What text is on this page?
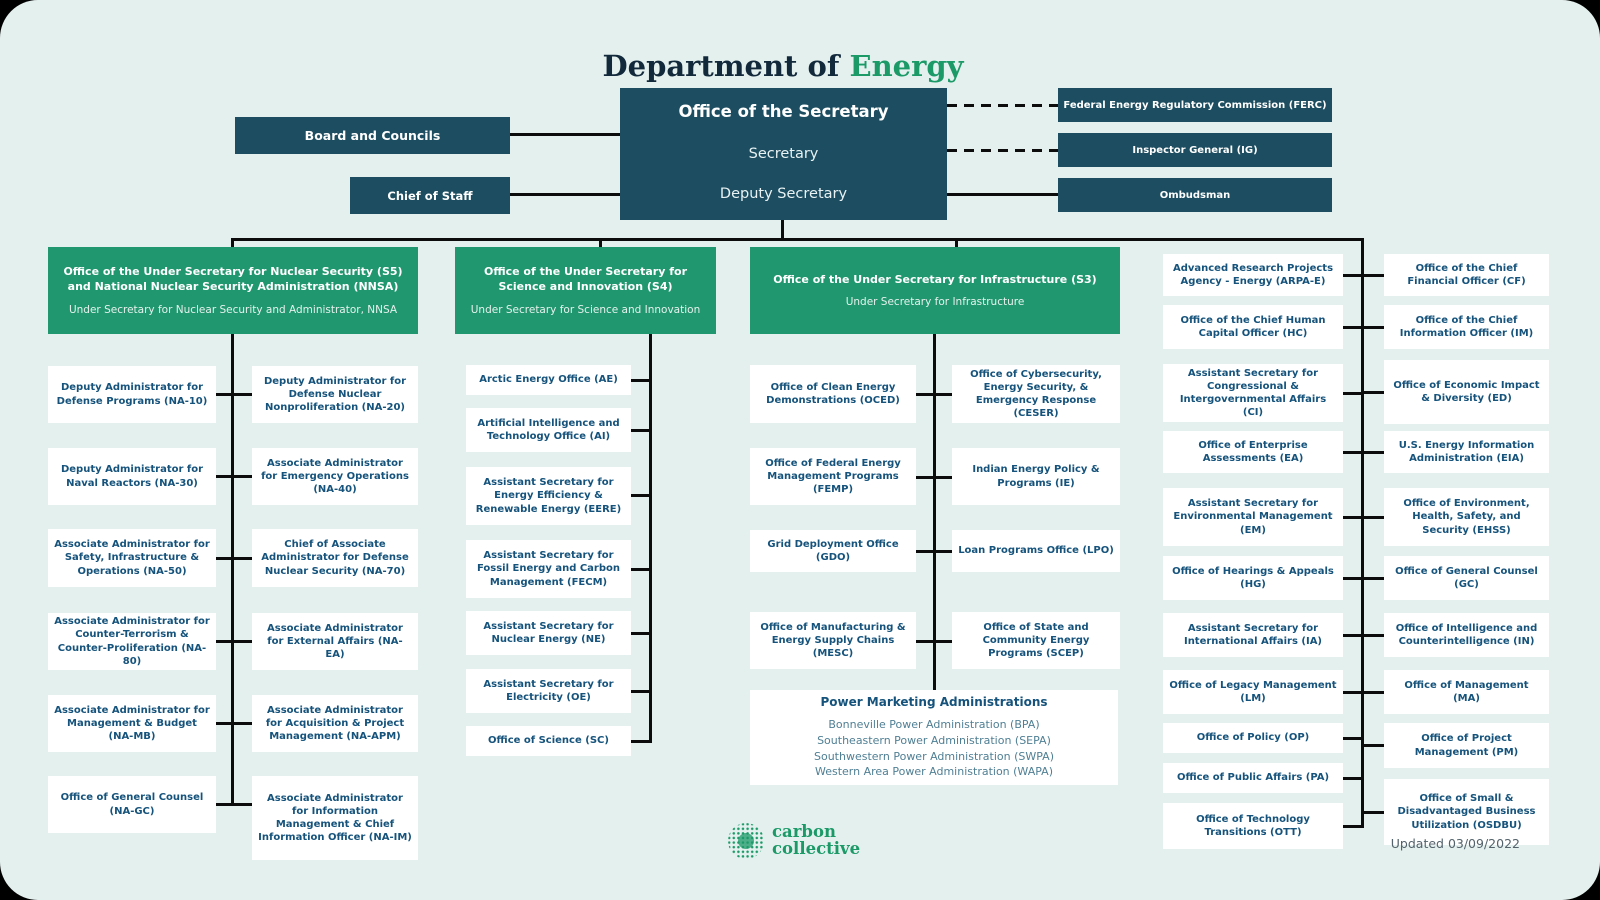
Department of Energy
Office of the Secretary
Secretary
Deputy Secretary
Board and Councils
Chief of Staff
Federal Energy Regulatory Commission (FERC)
Inspector General (IG)
Ombudsman
Office of the Under Secretary for Nuclear Security (S5) and National Nuclear Security Administration (NNSA)
Under Secretary for Nuclear Security and Administrator, NNSA
Office of the Under Secretary for Science and Innovation (S4)
Under Secretary for Science and Innovation
Office of the Under Secretary for Infrastructure (S3)
Under Secretary for Infrastructure
Deputy Administrator for Defense Programs (NA-10)
Deputy Administrator for Naval Reactors (NA-30)
Associate Administrator for Safety, Infrastructure & Operations (NA-50)
Associate Administrator for Counter-Terrorism & Counter-Proliferation (NA-80)
Associate Administrator for Management & Budget (NA-MB)
Office of General Counsel (NA-GC)
Deputy Administrator for Defense Nuclear Nonproliferation (NA-20)
Associate Administrator for Emergency Operations (NA-40)
Chief of Associate Administrator for Defense Nuclear Security (NA-70)
Associate Administrator for External Affairs (NA-EA)
Associate Administrator for Acquisition & Project Management (NA-APM)
Associate Administrator for Information Management & Chief Information Officer (NA-IM)
Arctic Energy Office (AE)
Artificial Intelligence and Technology Office (AI)
Assistant Secretary for Energy Efficiency & Renewable Energy (EERE)
Assistant Secretary for Fossil Energy and Carbon Management (FECM)
Assistant Secretary for Nuclear Energy (NE)
Assistant Secretary for Electricity (OE)
Office of Science (SC)
Office of Clean Energy Demonstrations (OCED)
Office of Federal Energy Management Programs (FEMP)
Grid Deployment Office (GDO)
Office of Manufacturing & Energy Supply Chains (MESC)
Office of Cybersecurity, Energy Security, & Emergency Response (CESER)
Indian Energy Policy & Programs (IE)
Loan Programs Office (LPO)
Office of State and Community Energy Programs (SCEP)
Advanced Research Projects Agency - Energy (ARPA-E)
Office of the Chief Human Capital Officer (HC)
Assistant Secretary for Congressional & Intergovernmental Affairs (CI)
Office of Enterprise Assessments (EA)
Assistant Secretary for Environmental Management (EM)
Office of Hearings & Appeals (HG)
Assistant Secretary for International Affairs (IA)
Office of Legacy Management (LM)
Office of Policy (OP)
Office of Public Affairs (PA)
Office of Technology Transitions (OTT)
Office of the Chief Financial Officer (CF)
Office of the Chief Information Officer (IM)
Office of Economic Impact & Diversity (ED)
U.S. Energy Information Administration (EIA)
Office of Environment, Health, Safety, and Security (EHSS)
Office of General Counsel (GC)
Office of Intelligence and Counterintelligence (IN)
Office of Management (MA)
Office of Project Management (PM)
Office of Small & Disadvantaged Business Utilization (OSDBU)
Power Marketing Administrations
Bonneville Power Administration (BPA)
Southeastern Power Administration (SEPA)
Southwestern Power Administration (SWPA)
Western Area Power Administration (WAPA)
carbon
collective	Updated 03/09/2022
